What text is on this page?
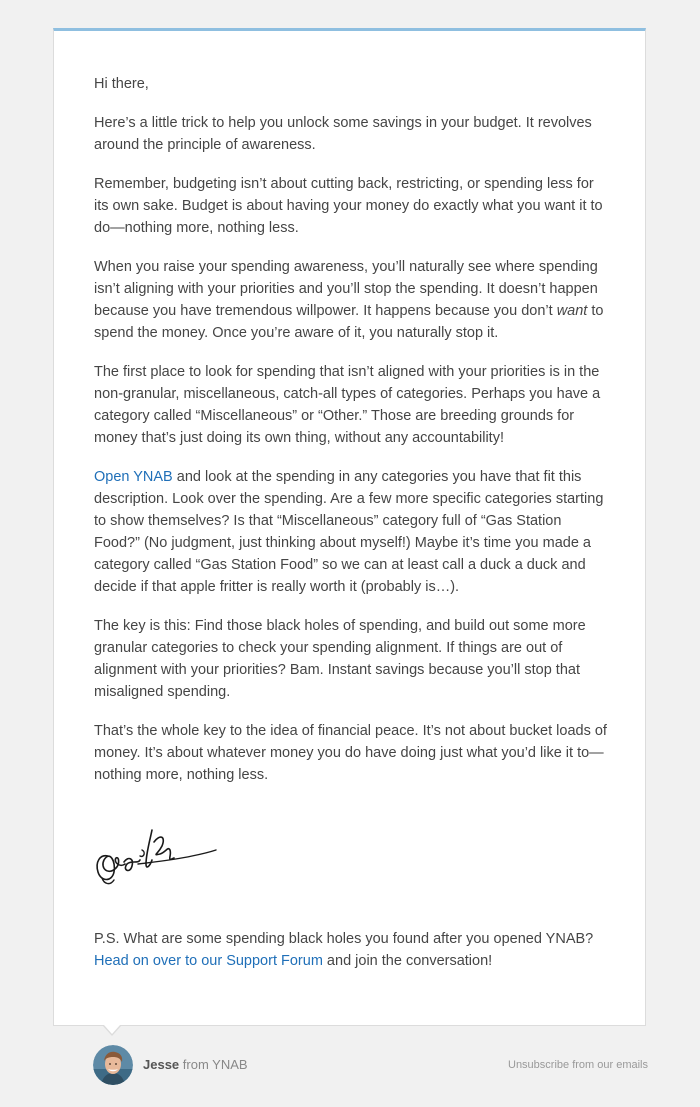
Hi there,

Here’s a little trick to help you unlock some savings in your budget. It revolves around the principle of awareness.

Remember, budgeting isn’t about cutting back, restricting, or spending less for its own sake. Budget is about having your money do exactly what you want it to do—nothing more, nothing less.

When you raise your spending awareness, you’ll naturally see where spending isn’t aligning with your priorities and you’ll stop the spending. It doesn’t happen because you have tremendous willpower. It happens because you don’t want to spend the money. Once you’re aware of it, you naturally stop it.

The first place to look for spending that isn’t aligned with your priorities is in the non-granular, miscellaneous, catch-all types of categories. Perhaps you have a category called “Miscellaneous” or “Other.” Those are breeding grounds for money that’s just doing its own thing, without any accountability!

Open YNAB and look at the spending in any categories you have that fit this description. Look over the spending. Are a few more specific categories starting to show themselves? Is that “Miscellaneous” category full of “Gas Station Food?” (No judgment, just thinking about myself!) Maybe it’s time you made a category called “Gas Station Food” so we can at least call a duck a duck and decide if that apple fritter is really worth it (probably is…).

The key is this: Find those black holes of spending, and build out some more granular categories to check your spending alignment. If things are out of alignment with your priorities? Bam. Instant savings because you’ll stop that misaligned spending.

That’s the whole key to the idea of financial peace. It’s not about bucket loads of money. It’s about whatever money you do have doing just what you’d like it to—nothing more, nothing less.

P.S. What are some spending black holes you found after you opened YNAB? Head on over to our Support Forum and join the conversation!

Jesse from YNAB	Unsubscribe from our emails
